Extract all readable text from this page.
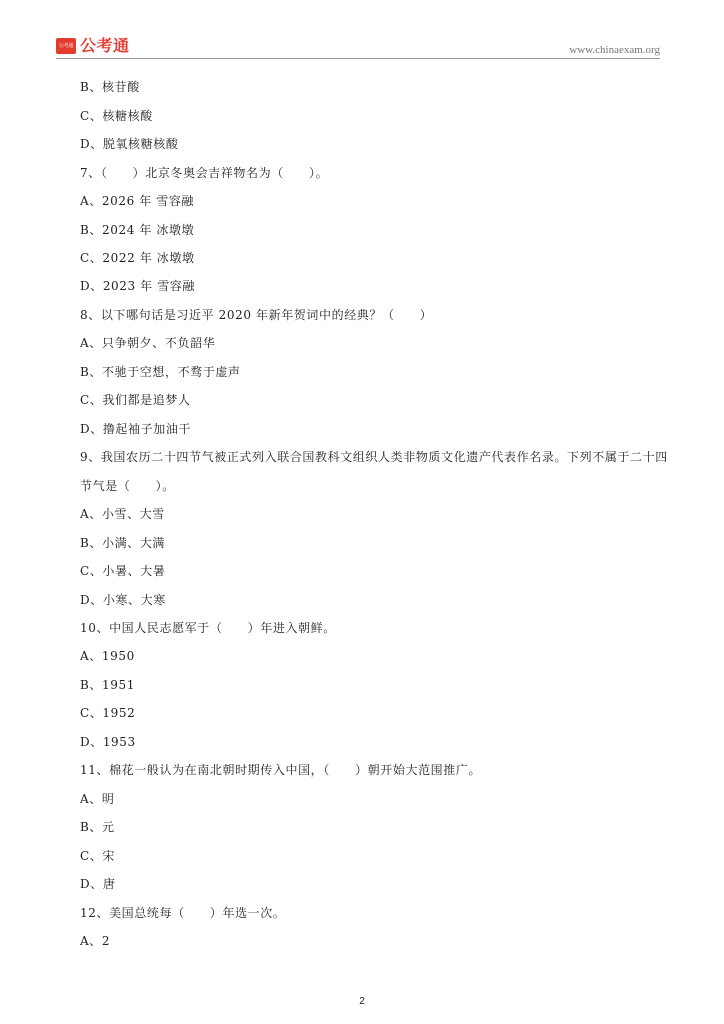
公考通 公考通	www.chinaexam.org
B、核苷酸
C、核糖核酸
D、脱氧核糖核酸
7、（　　）北京冬奥会吉祥物名为（　　）。
A、2026 年 雪容融
B、2024 年 冰墩墩
C、2022 年 冰墩墩
D、2023 年 雪容融
8、以下哪句话是习近平 2020 年新年贺词中的经典？（　　）
A、只争朝夕、不负韶华
B、不驰于空想，不骛于虚声
C、我们都是追梦人
D、撸起袖子加油干
9、我国农历二十四节气被正式列入联合国教科文组织人类非物质文化遗产代表作名录。下列不属于二十四
节气是（　　）。
A、小雪、大雪
B、小满、大满
C、小暑、大暑
D、小寒、大寒
10、中国人民志愿军于（　　）年进入朝鲜。
A、1950
B、1951
C、1952
D、1953
11、棉花一般认为在南北朝时期传入中国，（　　）朝开始大范围推广。
A、明
B、元
C、宋
D、唐
12、美国总统每（　　）年选一次。
A、2
2
